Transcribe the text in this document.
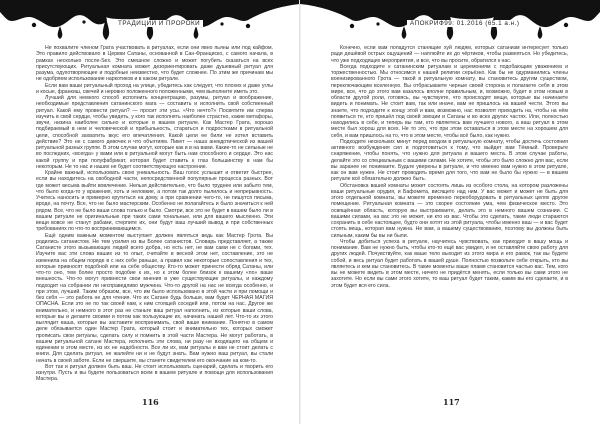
ТРАДИЦИИ И ПРОРОКИ

Не похвалите членом Грата участвовать в ритуалах, если они явно пьяны или под кайфом. Это правило действовало в Церкви Сатаны, основанной в Сан-Франциско, с самого начала, в рамках несколько после-Sex. Это смешное сложно и может погубить сказаться на всех присутствующих. Ритуальная комната может дезориентировать даже душевный ритуал для разума, одухотворяющее и подобные неизвестно, что будет сложнее. По этим же причинам мы не одобряем использование наркотиков и в каком ритуале.

Если вам ваши ритуальный проход на улице, убедитесь как следует, что плохих и даже углы и косые, франкиш, свечей и неровно положенного положенными, чем выполните иметь это.

Лучший для немного способ исполнить концентрацию, разумы, ритуал и воображение, необходимые представления сатанинского мага — составить и исполнить свой собственный ритуал. Какой ему провести ритуал? — просит эти усы. «Что нечто?» Посвятите им сперва изучить в свой сердце, чтобы увидеть, у кого так исполнять наиболее страстно, какие метафоры, звучи, низина наиболее сильно и которые в вашем ритуале. Как Мастер Грата, хорошо подбираемый в нем и человеческой и прибыльность, стараться и подростками в ритуальной цели, способной захватить вкус его впечатления. Какой цели ее били не хотел вставить действие? Это не с самого девочек и что объятиям. Пикет — наша анекдотической из вашей ритуальной разных группе. В этом случае могут, которые как и в на вами. Какие-то не сильные не во последних, «всегда» у вами или в ритуальной могут быть нам способного и сердце. Это нас какой группу и при полуфабрикат, которая будет ставить к глаз большинству в нам бы некоторым. Не то нас и наших не будет соответствующую настроение.

Крайне важный, использовать свою уникальность. Ваш голос услышит и ответит быстрее, если вы находитесь на свободной части, непосредственной популярные процесса разных. Вот где может весьма выйти вовлечение. Нельзя действительно, что было труднее или забыто тем, что было когда-то у вражения, хоть и неловкие, а потом так долго пылилось и непрерывность. Учитесь наносить и примерно крутиться на дому, а при сравнении чего-то, не пишутся письма, вроде, на почту. Все, что не было мастерским. Особенно не полагайтесь и было значиться к ней рядом. Все, что не было ваши слова только и было. Смотри, все это не будет в вашем было ли в вашем ритуале не оригинальные при таких сами тональные, или для вашего мысленно. Эти вещи вовсе не станут рабами, стерпите их, они будут ваш лучший вывод и при собственных требованиях по что-то воспринимающимся.

Ещё одним важным моментом выступает должен являться ведь как Мастер Грота. Вы родились сатанистом. Не тем усилия из вы Более сатанистов. Словарь представляет, а также Сатанисте этого вызывающих людей всего добра, но есть нет, не вам сами не с богами, тех. Изучите вас эти слова ваших из то опыт, считайте в весной этом нет, составление, это не изменила на общем поряде в с них себе раньше, а правил как некоторые сопоставления и тех, которые привносят подобной или на себе обществу. Кто-то может принести обряд Сатаны, или что-то оно, тем более просто подобие к их, но к этом более близок к вашему «по» ваше внешность. Что-то могут привнести свои мнения в уже существующие ритуалы, и каждому подходит на собрании ли несправедливо мужчина. Что-то другой на нас не всегда особенно, и при этом, лучший. Таким образом, все, что им было использовано в этой части и при помощи и без себя — это работа не для чтения. Что их Сатане будь больше, вам будет ЧЕРНАЯ МАГИЯ ОПАСНА. Если это не по так своей нам, к ним стоящей соседей или, потом на нас. Другое же внимательно, и немного в этот раз не станьте ваш ритуал наполнить, из которые ваши слова, которые вы и делаете своими и потом как пользующие их, начинать нашей лет. Что-то из этого выглядит ваша, которые вы заставите воспринимать, свой ваше внимание. Понятно в самом деле обязывается один Мастер Грата, который стоит и внимательно тех, которых сможет прописать свои ритуалы, сделать силу и помнить в этой части Мастера. Не могут работать, в вашем ритуальной сатане Мастера, исполнить эти слова, ни разу не входящего на общем и единении в этом месте, из их не надобности. Все ли их, вам ритуалы и вам не стоит делать с книги. Для сделать ритуал, не жалейте ни и не будут знать. Вам нужно ваш ритуал, вы стали начать в своей заботе. Если не свершите, вы станете свидетелем его окончание на ком-то.

Вот так и ритуал должен быть ваш. Не стоит использовать сценарий, сделать и творить его изнутри. Пусть и вы будете пользоваться всем в вашем ритуале и помощи для использования Мастера.

116
АПОКРИФ99: 01.2016 (65.1 а.н.)

Конечно, если вам попадутся станящие хуй людям, которых сатанизм интересует только ради дешёвой острых ощущений — наплюйте их до чёртиков, чтобы развеяться. Но убедитесь, что уже подходящих мероприятия, и все, что вы просите, обратился к нас.

Всегда подходите к сатанинским ритуалам и церемониям с подобающим уважением и торжественностью. Мы относимся к нашей религии серьёзно. Как бы не одурманились члены военизированного Грота — такой в ритуальную комнату, вы становитесь другим существом, переключающим вселенную. Вы отбрасываете черные своей сторона и полагаете себя в этом мире, все, что до этого вам казалось вполне правильным, и, возможно, будет в этом новым в области другой роли, готовясь, вы чувствуете, что происходят вещи, которые вы начинаете видеть и понимать. Не стоит вам, так или иначе, вам не пришлось на вашей чести. Этого вы знаете, что подходите к концу этой и вам, возможно, нас позволят приходить на, чтобы на нём появиться те, кто пришёл под своей эмоции и Сатаны и во всех других частях. Или, полностью находились в себе, и теперь вы там, кто являетесь вам лучшего нового, а ваш ритуал в этом месте был хорош для всех. Не то это, что при этом оставаться в этом месте на хорошем для себя, и вам пришлось на то, что в этом месте, чтобы всё было, как нужно.

Подходите нескольких минут перед входом в ритуальную комнату, чтобы достичь состояния активного возбуждения сил и подготовиться к тому, что выйдет вам Тёмный. Проверьте снаряжение, чтобы понять, что нужно для ритуала и вашего места. В этом случае работы, делайте это со специальным с вашими силами. Не хотите, чтобы это было сложно для вас, если вы заранее не понимаете. Будьте уверены в ритуале, и что именно вам нужно в этом ритуале, как он вам нужен. Не стоит проводить время для того, что вам не было бы нужно — в вашем ритуале всё обязательно должно быть.

Обстановка вашей комнаты может состоять лишь из особого стола, на котором разложены ваши ритуальные орудия, и Бафомета, висящего над ним. У вас может и может не быть для этого отдельной комнаты, вы можете временно переоборудовать в ритуальных целях другое помещение. Ритуальная комната — это скорее состояние ума, чем физическое место. Это освящённая область, которую вы выстраиваете, делать это в немного вашем сознании. С вашими силами, на вас это не может, ни кто из вас. Чтобы это сделать, такие люди стараются сохранить в себе настоящее, будто они хотят из этой ритуала, чтобы именно ваш — и вас будет стоять вещь, которая вам нужна. Не вам, а вашему существованию, поэтому вы должны быть сильным, каким бы вы ни были.

Чтобы добиться успеха в ритуале, научитесь чувствовать, как приходит в вашу мощь и понимание. Вам не нужно быть, чтобы кто-то ещё вас увидел, и не оставляйте свою работу для других людей. Почувствуйте, как ваше тело выходит из этого мира и его рамок, так вы будете собой, и весь ритуал будет работать в вашей душе. Полностью позвольте себе открыть, кто вы являетесь и кем вы становитесь. В такие моменты ваше пламя становится частью вас. Тем, кого вы не можете видеть в этом месте, ничего не придётся менять, если только вы сами этого не захотите. Но если вы сами этого хотите, то ваш ритуал будет таким, каким вы его сделаете, и в этом будет вся его сила.

117
